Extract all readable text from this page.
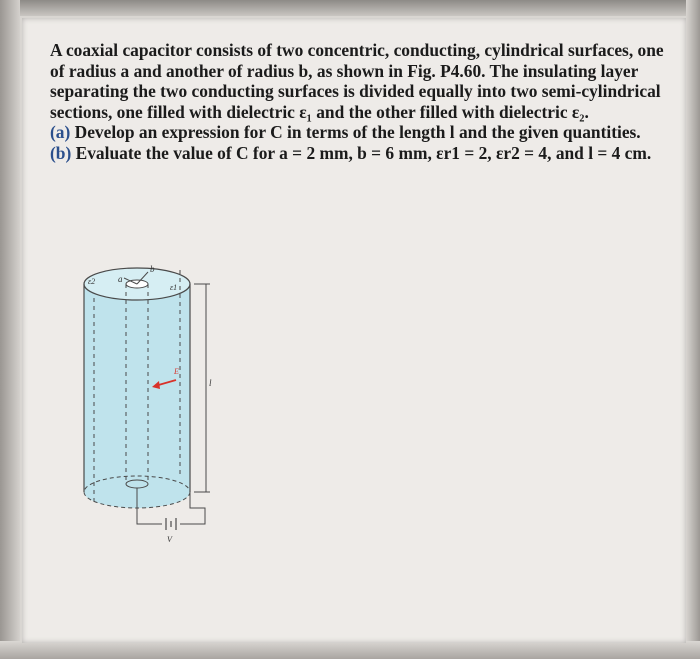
A coaxial capacitor consists of two concentric, conducting, cylindrical surfaces, one of radius a and another of radius b, as shown in Fig. P4.60. The insulating layer separating the two conducting surfaces is divided equally into two semi-cylindrical sections, one filled with dielectric ε₁ and the other filled with dielectric ε₂.

(a) Develop an expression for C in terms of the length l and the given quantities.

(b) Evaluate the value of C for a = 2 mm, b = 6 mm, εr1 = 2, εr2 = 4, and l = 4 cm.

b
a
ε2
ε1
E
l
V
